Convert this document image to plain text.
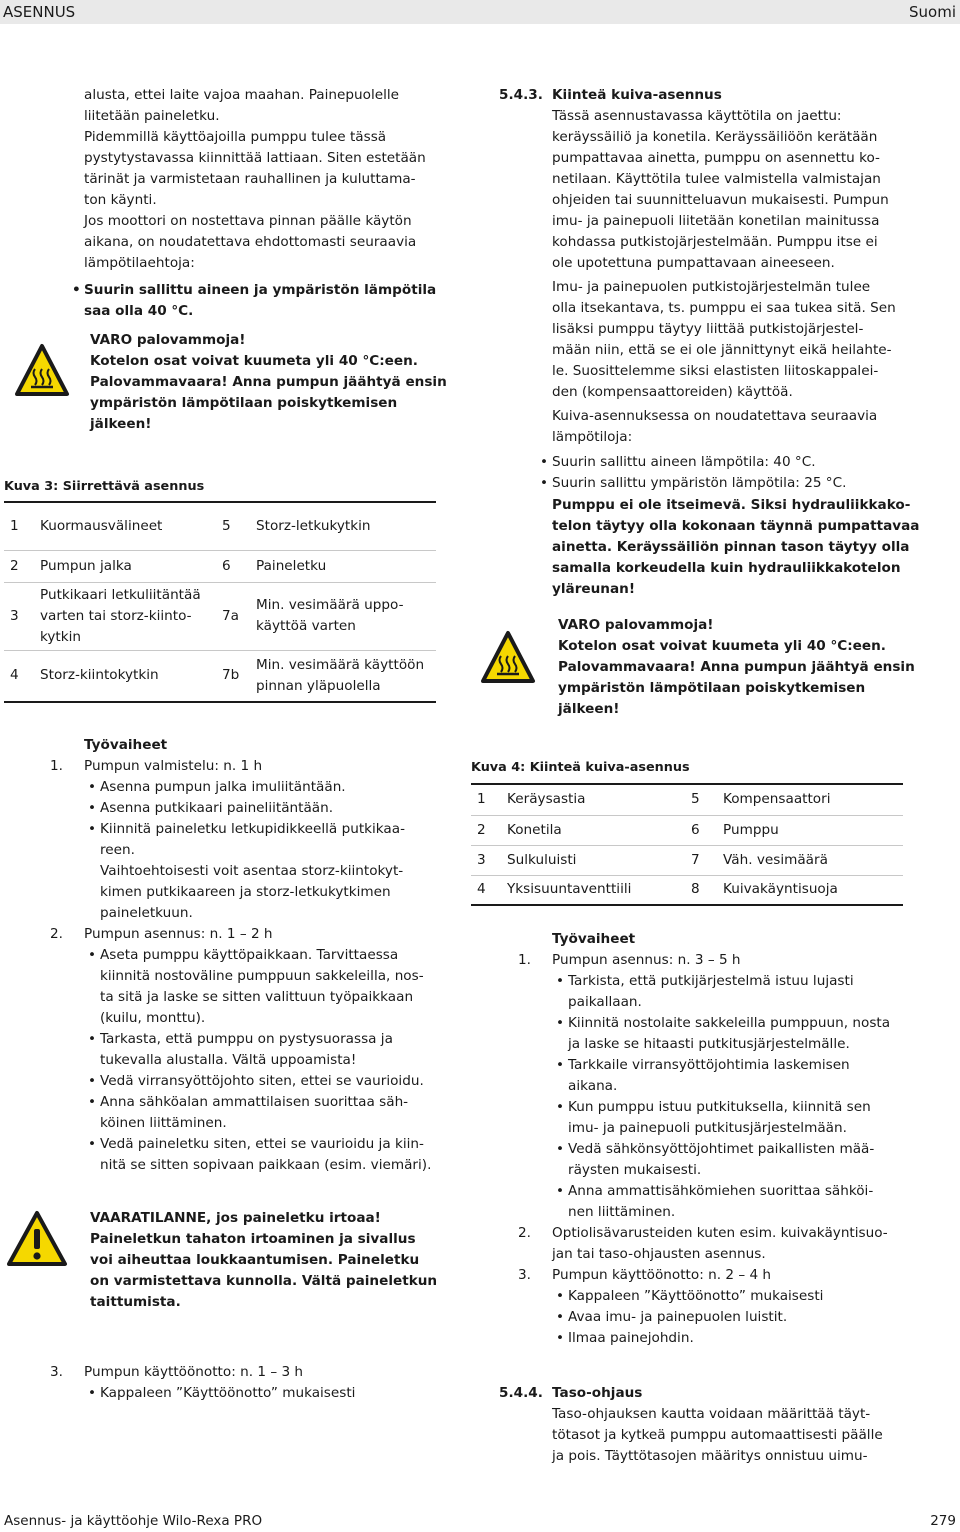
ASENNUS	Suomi

alusta, ettei laite vajoa maahan. Painepuolelle

liitetään paineletku.

Pidemmillä käyttöajoilla pumppu tulee tässä

pystytystavassa kiinnittää lattiaan. Siten estetään

tärinät ja varmistetaan rauhallinen ja kuluttama-

ton käynti.

Jos moottori on nostettava pinnan päälle käytön

aikana, on noudatettava ehdottomasti seuraavia

lämpötilaehtoja:

• Suurin sallittu aineen ja ympäristön lämpötila

saa olla 40 °C.

VARO palovammoja!

Kotelon osat voivat kuumeta yli 40 °C:een.

Palovammavaara! Anna pumpun jäähtyä ensin

ympäristön lämpötilaan poiskytkemisen

jälkeen!

Kuva 3: Siirrettävä asennus
1	Kuormausvälineet	5	Storz-letkukytkin
2	Pumpun jalka	6	Paineletku
3	Putkikaari letkuliitäntää varten tai storz-kiinto-kytkin	7a	Min. vesimäärä uppo-käyttöä varten
4	Storz-kiintokytkin	7b	Min. vesimäärä käyttöön pinnan yläpuolella

Työvaiheet

1. Pumpun valmistelu: n. 1 h

• Asenna pumpun jalka imuliitäntään.

• Asenna putkikaari paineliitäntään.

• Kiinnitä paineletku letkupidikkeellä putkikaa-

reen.

Vaihtoehtoisesti voit asentaa storz-kiintokyt-

kimen putkikaareen ja storz-letkukytkimen

paineletkuun.

2. Pumpun asennus: n. 1 – 2 h

• Aseta pumppu käyttöpaikkaan. Tarvittaessa

kiinnitä nostoväline pumppuun sakkeleilla, nos-

ta sitä ja laske se sitten valittuun työpaikkaan

(kuilu, monttu).

• Tarkasta, että pumppu on pystysuorassa ja

tukevalla alustalla. Vältä uppoamista!

• Vedä virransyöttöjohto siten, ettei se vaurioidu.

• Anna sähköalan ammattilaisen suorittaa säh-

köinen liittäminen.

• Vedä paineletku siten, ettei se vaurioidu ja kiin-

nitä se sitten sopivaan paikkaan (esim. viemäri).

VAARATILANNE, jos paineletku irtoaa!

Paineletkun tahaton irtoaminen ja sivallus

voi aiheuttaa loukkaantumisen. Paineletku

on varmistettava kunnolla. Vältä paineletkun

taittumista.

3. Pumpun käyttöönotto: n. 1 – 3 h

• Kappaleen ”Käyttöönotto” mukaisesti

5.4.3. Kiinteä kuiva-asennus

Tässä asennustavassa käyttötila on jaettu:

keräyssäiliö ja konetila. Keräyssäiliöön kerätään

pumpattavaa ainetta, pumppu on asennettu ko-

netilaan. Käyttötila tulee valmistella valmistajan

ohjeiden tai suunnitteluavun mukaisesti. Pumpun

imu- ja painepuoli liitetään konetilan mainitussa

kohdassa putkistojärjestelmään. Pumppu itse ei

ole upotettuna pumpattavaan aineeseen.

Imu- ja painepuolen putkistojärjestelmän tulee

olla itsekantava, ts. pumppu ei saa tukea sitä. Sen

lisäksi pumppu täytyy liittää putkistojärjestel-

mään niin, että se ei ole jännittynyt eikä heilahte-

le. Suosittelemme siksi elastisten liitoskappalei-

den (kompensaattoreiden) käyttöä.

Kuiva-asennuksessa on noudatettava seuraavia

lämpötiloja:

• Suurin sallittu aineen lämpötila: 40 °C.

• Suurin sallittu ympäristön lämpötila: 25 °C.

Pumppu ei ole itseimevä. Siksi hydrauliikkako-

telon täytyy olla kokonaan täynnä pumpattavaa

ainetta. Keräyssäiliön pinnan tason täytyy olla

samalla korkeudella kuin hydrauliikkakotelon

yläreunan!

VARO palovammoja!

Kotelon osat voivat kuumeta yli 40 °C:een.

Palovammavaara! Anna pumpun jäähtyä ensin

ympäristön lämpötilaan poiskytkemisen

jälkeen!

Kuva 4: Kiinteä kuiva-asennus
1	Keräysastia	5	Kompensaattori
2	Konetila	6	Pumppu
3	Sulkuluisti	7	Väh. vesimäärä
4	Yksisuuntaventtiili	8	Kuivakäyntisuoja

Työvaiheet

1. Pumpun asennus: n. 3 – 5 h

• Tarkista, että putkijärjestelmä istuu lujasti

paikallaan.

• Kiinnitä nostolaite sakkeleilla pumppuun, nosta

ja laske se hitaasti putkitusjärjestelmälle.

• Tarkkaile virransyöttöjohtimia laskemisen

aikana.

• Kun pumppu istuu putkituksella, kiinnitä sen

imu- ja painepuoli putkitusjärjestelmään.

• Vedä sähkönsyöttöjohtimet paikallisten mää-

räysten mukaisesti.

• Anna ammattisähkömiehen suorittaa sähköi-

nen liittäminen.

2. Optiolisävarusteiden kuten esim. kuivakäyntisuo-

jan tai taso-ohjausten asennus.

3. Pumpun käyttöönotto: n. 2 – 4 h

• Kappaleen ”Käyttöönotto” mukaisesti

• Avaa imu- ja painepuolen luistit.

• Ilmaa painejohdin.

5.4.4. Taso-ohjaus

Taso-ohjauksen kautta voidaan määrittää täyt-

tötasot ja kytkeä pumppu automaattisesti päälle

ja pois. Täyttötasojen määritys onnistuu uimu-

Asennus- ja käyttöohje Wilo-Rexa PRO	279
